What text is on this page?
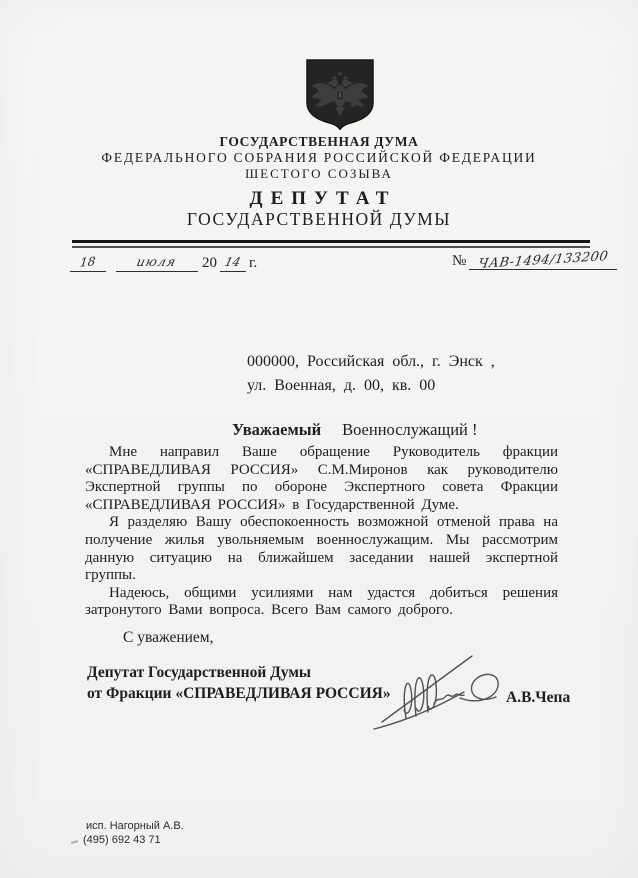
ГОСУДАРСТВЕННАЯ ДУМА
ФЕДЕРАЛЬНОГО СОБРАНИЯ РОССИЙСКОЙ ФЕДЕРАЦИИ
ШЕСТОГО СОЗЫВА
ДЕПУТАТ
ГОСУДАРСТВЕННОЙ ДУМЫ
18	июля	20 14 г.	№ ЧАВ-1494/133200
000000, Российская обл., г. Энск ,
ул. Военная, д. 00, кв. 00
Уважаемый Военнослужащий !

Мне направил Ваше обращение Руководитель фракции «СПРАВЕДЛИВАЯ РОССИЯ» С.М.Миронов как руководителю Экспертной группы по обороне Экспертного совета Фракции «СПРАВЕДЛИВАЯ РОССИЯ» в Государственной Думе.

Я разделяю Вашу обеспокоенность возможной отменой права на получение жилья увольняемым военнослужащим. Мы рассмотрим данную ситуацию на ближайшем заседании нашей экспертной группы.

Надеюсь, общими усилиями нам удастся добиться решения затронутого Вами вопроса. Всего Вам самого доброго.

С уважением,
Депутат Государственной Думы
от Фракции «СПРАВЕДЛИВАЯ РОССИЯ»	А.В.Чепа
исп. Нагорный А.В.
(495) 692 43 71
